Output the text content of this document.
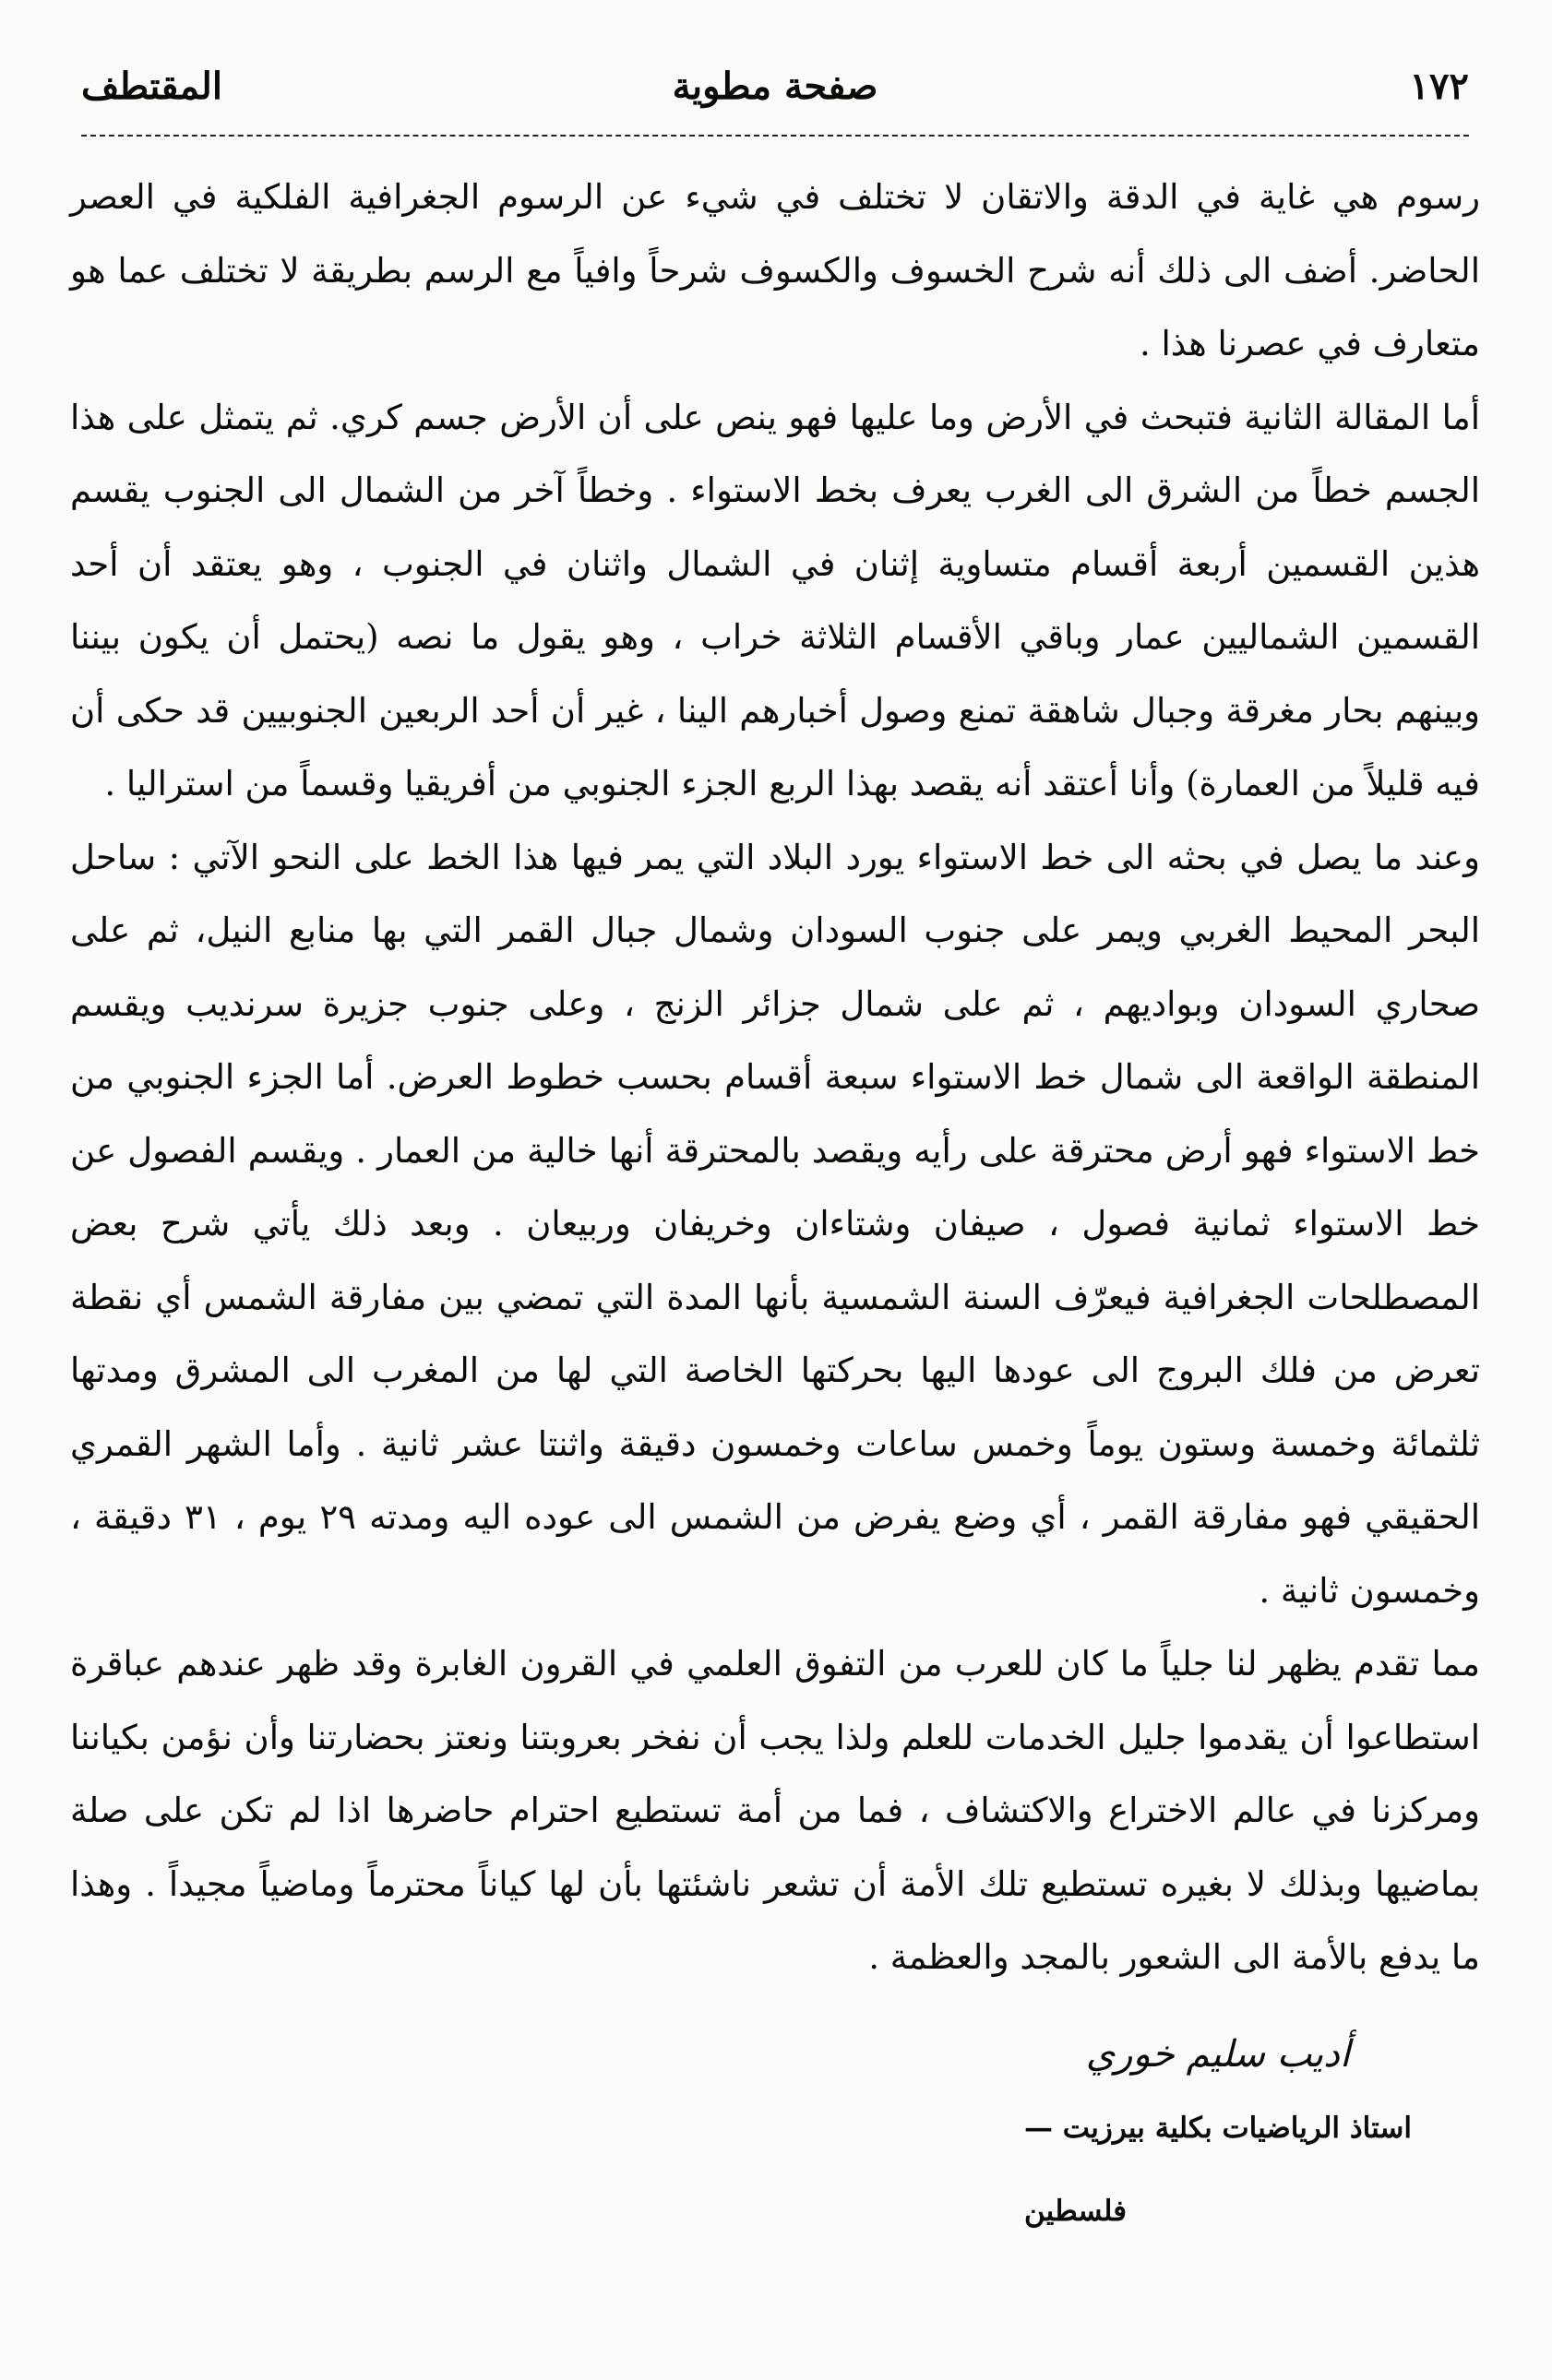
١٧٢
صفحة مطوية
المقتطف

رسوم هي غاية في الدقة والاتقان لا تختلف في شيء عن الرسوم الجغرافية الفلكية في العصر الحاضر. أضف الى ذلك أنه شرح الخسوف والكسوف شرحاً وافياً مع الرسم بطريقة لا تختلف عما هو متعارف في عصرنا هذا .

أما المقالة الثانية فتبحث في الأرض وما عليها فهو ينص على أن الأرض جسم كري. ثم يتمثل على هذا الجسم خطاً من الشرق الى الغرب يعرف بخط الاستواء . وخطاً آخر من الشمال الى الجنوب يقسم هذين القسمين أربعة أقسام متساوية إثنان في الشمال واثنان في الجنوب ، وهو يعتقد أن أحد القسمين الشماليين عمار وباقي الأقسام الثلاثة خراب ، وهو يقول ما نصه (يحتمل أن يكون بيننا وبينهم بحار مغرقة وجبال شاهقة تمنع وصول أخبارهم الينا ، غير أن أحد الربعين الجنوبيين قد حكى أن فيه قليلاً من العمارة) وأنا أعتقد أنه يقصد بهذا الربع الجزء الجنوبي من أفريقيا وقسماً من استراليا .

وعند ما يصل في بحثه الى خط الاستواء يورد البلاد التي يمر فيها هذا الخط على النحو الآتي : ساحل البحر المحيط الغربي ويمر على جنوب السودان وشمال جبال القمر التي بها منابع النيل، ثم على صحاري السودان وبواديهم ، ثم على شمال جزائر الزنج ، وعلى جنوب جزيرة سرنديب ويقسم المنطقة الواقعة الى شمال خط الاستواء سبعة أقسام بحسب خطوط العرض. أما الجزء الجنوبي من خط الاستواء فهو أرض محترقة على رأيه ويقصد بالمحترقة أنها خالية من العمار . ويقسم الفصول عن خط الاستواء ثمانية فصول ، صيفان وشتاءان وخريفان وربيعان . وبعد ذلك يأتي شرح بعض المصطلحات الجغرافية فيعرّف السنة الشمسية بأنها المدة التي تمضي بين مفارقة الشمس أي نقطة تعرض من فلك البروج الى عودها اليها بحركتها الخاصة التي لها من المغرب الى المشرق ومدتها ثلثمائة وخمسة وستون يوماً وخمس ساعات وخمسون دقيقة واثنتا عشر ثانية . وأما الشهر القمري الحقيقي فهو مفارقة القمر ، أي وضع يفرض من الشمس الى عوده اليه ومدته ٢٩ يوم ، ٣١ دقيقة ، وخمسون ثانية .

مما تقدم يظهر لنا جلياً ما كان للعرب من التفوق العلمي في القرون الغابرة وقد ظهر عندهم عباقرة استطاعوا أن يقدموا جليل الخدمات للعلم ولذا يجب أن نفخر بعروبتنا ونعتز بحضارتنا وأن نؤمن بكياننا ومركزنا في عالم الاختراع والاكتشاف ، فما من أمة تستطيع احترام حاضرها اذا لم تكن على صلة بماضيها وبذلك لا بغيره تستطيع تلك الأمة أن تشعر ناشئتها بأن لها كياناً محترماً وماضياً مجيداً . وهذا ما يدفع بالأمة الى الشعور بالمجد والعظمة .

أديب سليم خوري
استاذ الرياضيات بكلية بيرزيت — فلسطين
